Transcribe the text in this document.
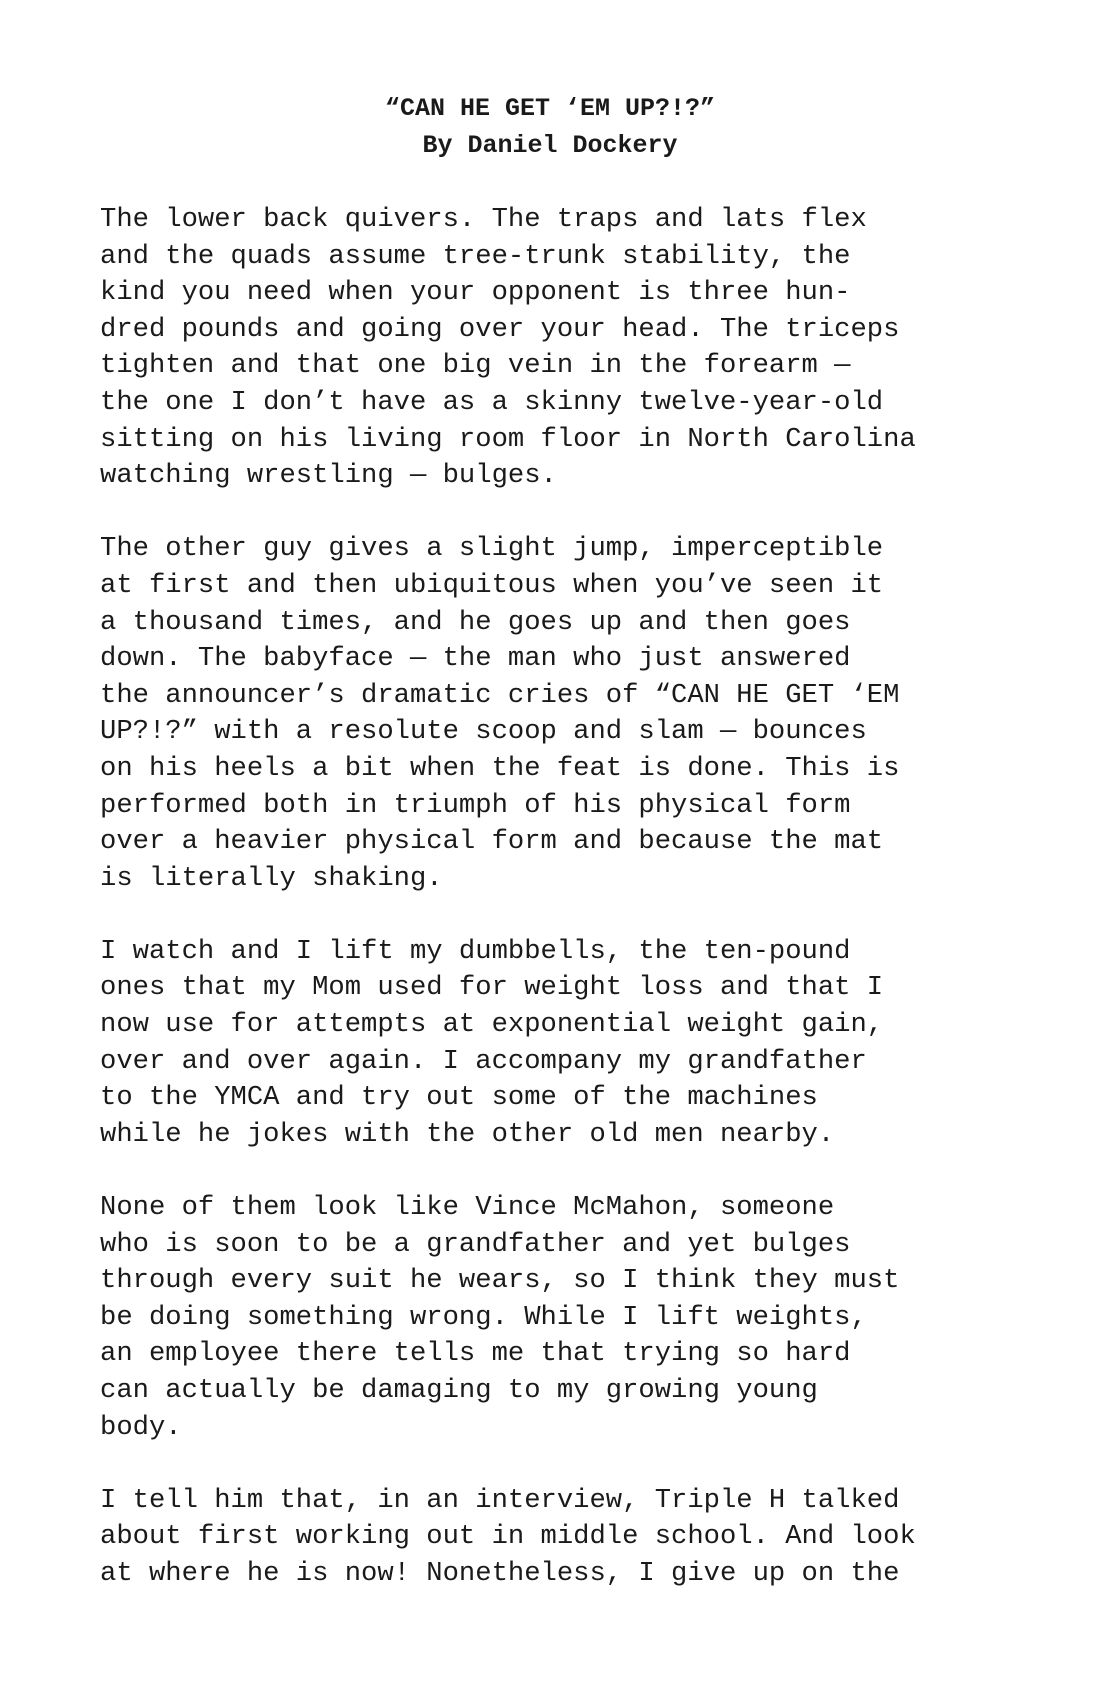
“CAN HE GET ‘EM UP?!?”
By Daniel Dockery
The lower back quivers. The traps and lats flex
and the quads assume tree-trunk stability, the
kind you need when your opponent is three hun-
dred pounds and going over your head. The triceps
tighten and that one big vein in the forearm —
the one I don’t have as a skinny twelve-year-old
sitting on his living room floor in North Carolina
watching wrestling — bulges.
The other guy gives a slight jump, imperceptible
at first and then ubiquitous when you’ve seen it
a thousand times, and he goes up and then goes
down. The babyface — the man who just answered
the announcer’s dramatic cries of “CAN HE GET ‘EM
UP?!?” with a resolute scoop and slam — bounces
on his heels a bit when the feat is done. This is
performed both in triumph of his physical form
over a heavier physical form and because the mat
is literally shaking.
I watch and I lift my dumbbells, the ten-pound
ones that my Mom used for weight loss and that I
now use for attempts at exponential weight gain,
over and over again. I accompany my grandfather
to the YMCA and try out some of the machines
while he jokes with the other old men nearby.
None of them look like Vince McMahon, someone
who is soon to be a grandfather and yet bulges
through every suit he wears, so I think they must
be doing something wrong. While I lift weights,
an employee there tells me that trying so hard
can actually be damaging to my growing young
body.
I tell him that, in an interview, Triple H talked
about first working out in middle school. And look
at where he is now! Nonetheless, I give up on the
